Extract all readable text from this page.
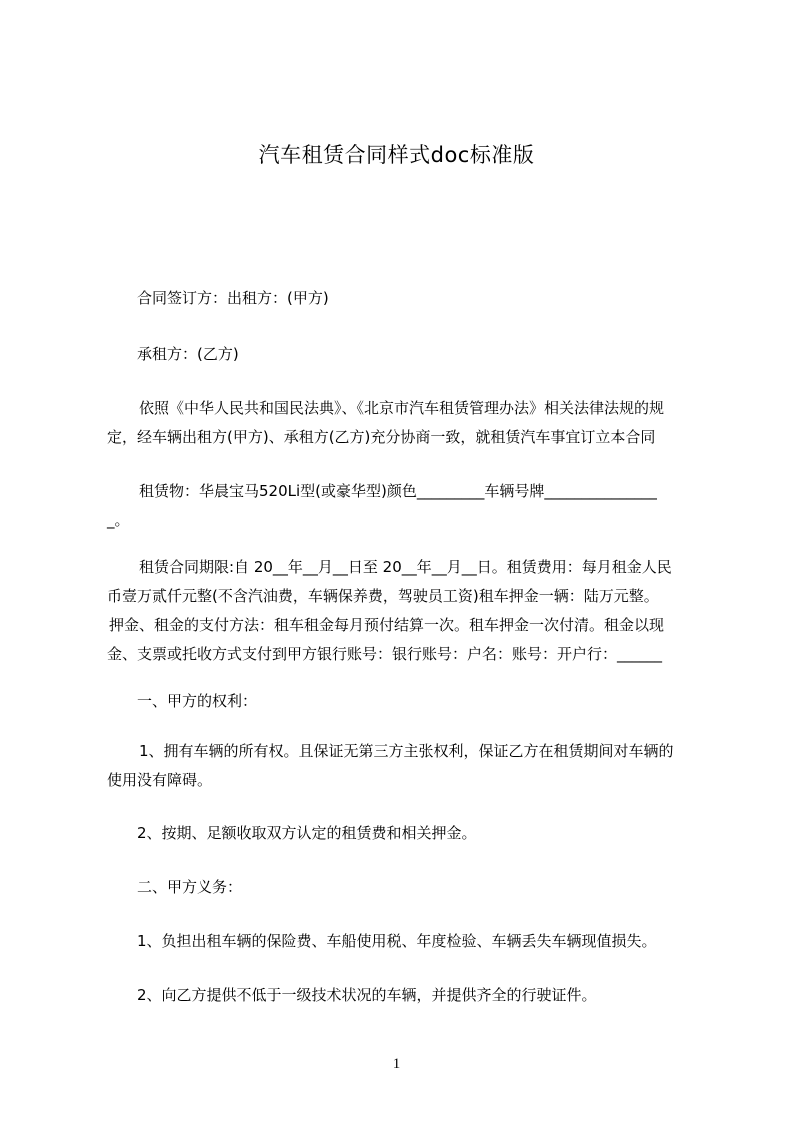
汽车租赁合同样式doc标准版
合同签订方：出租方：(甲方)
承租方：(乙方)
依照《中华人民共和国民法典》、《北京市汽车租赁管理办法》相关法律法规的规
定，经车辆出租方(甲方)、承租方(乙方)充分协商一致，就租赁汽车事宜订立本合同
租赁物：华晨宝马520Li型(或豪华型)颜色_________车辆号牌_______________
_。
租赁合同期限:自 20__年__月__日至 20__年__月__日。租赁费用：每月租金人民
币壹万贰仟元整(不含汽油费，车辆保养费，驾驶员工资)租车押金一辆：陆万元整。
押金、租金的支付方法：租车租金每月预付结算一次。租车押金一次付清。租金以现
金、支票或托收方式支付到甲方银行账号：银行账号：户名：账号：开户行：______
一、甲方的权利：
1、拥有车辆的所有权。且保证无第三方主张权利，保证乙方在租赁期间对车辆的
使用没有障碍。
2、按期、足额收取双方认定的租赁费和相关押金。
二、甲方义务：
1、负担出租车辆的保险费、车船使用税、年度检验、车辆丢失车辆现值损失。
2、向乙方提供不低于一级技术状况的车辆，并提供齐全的行驶证件。
1
